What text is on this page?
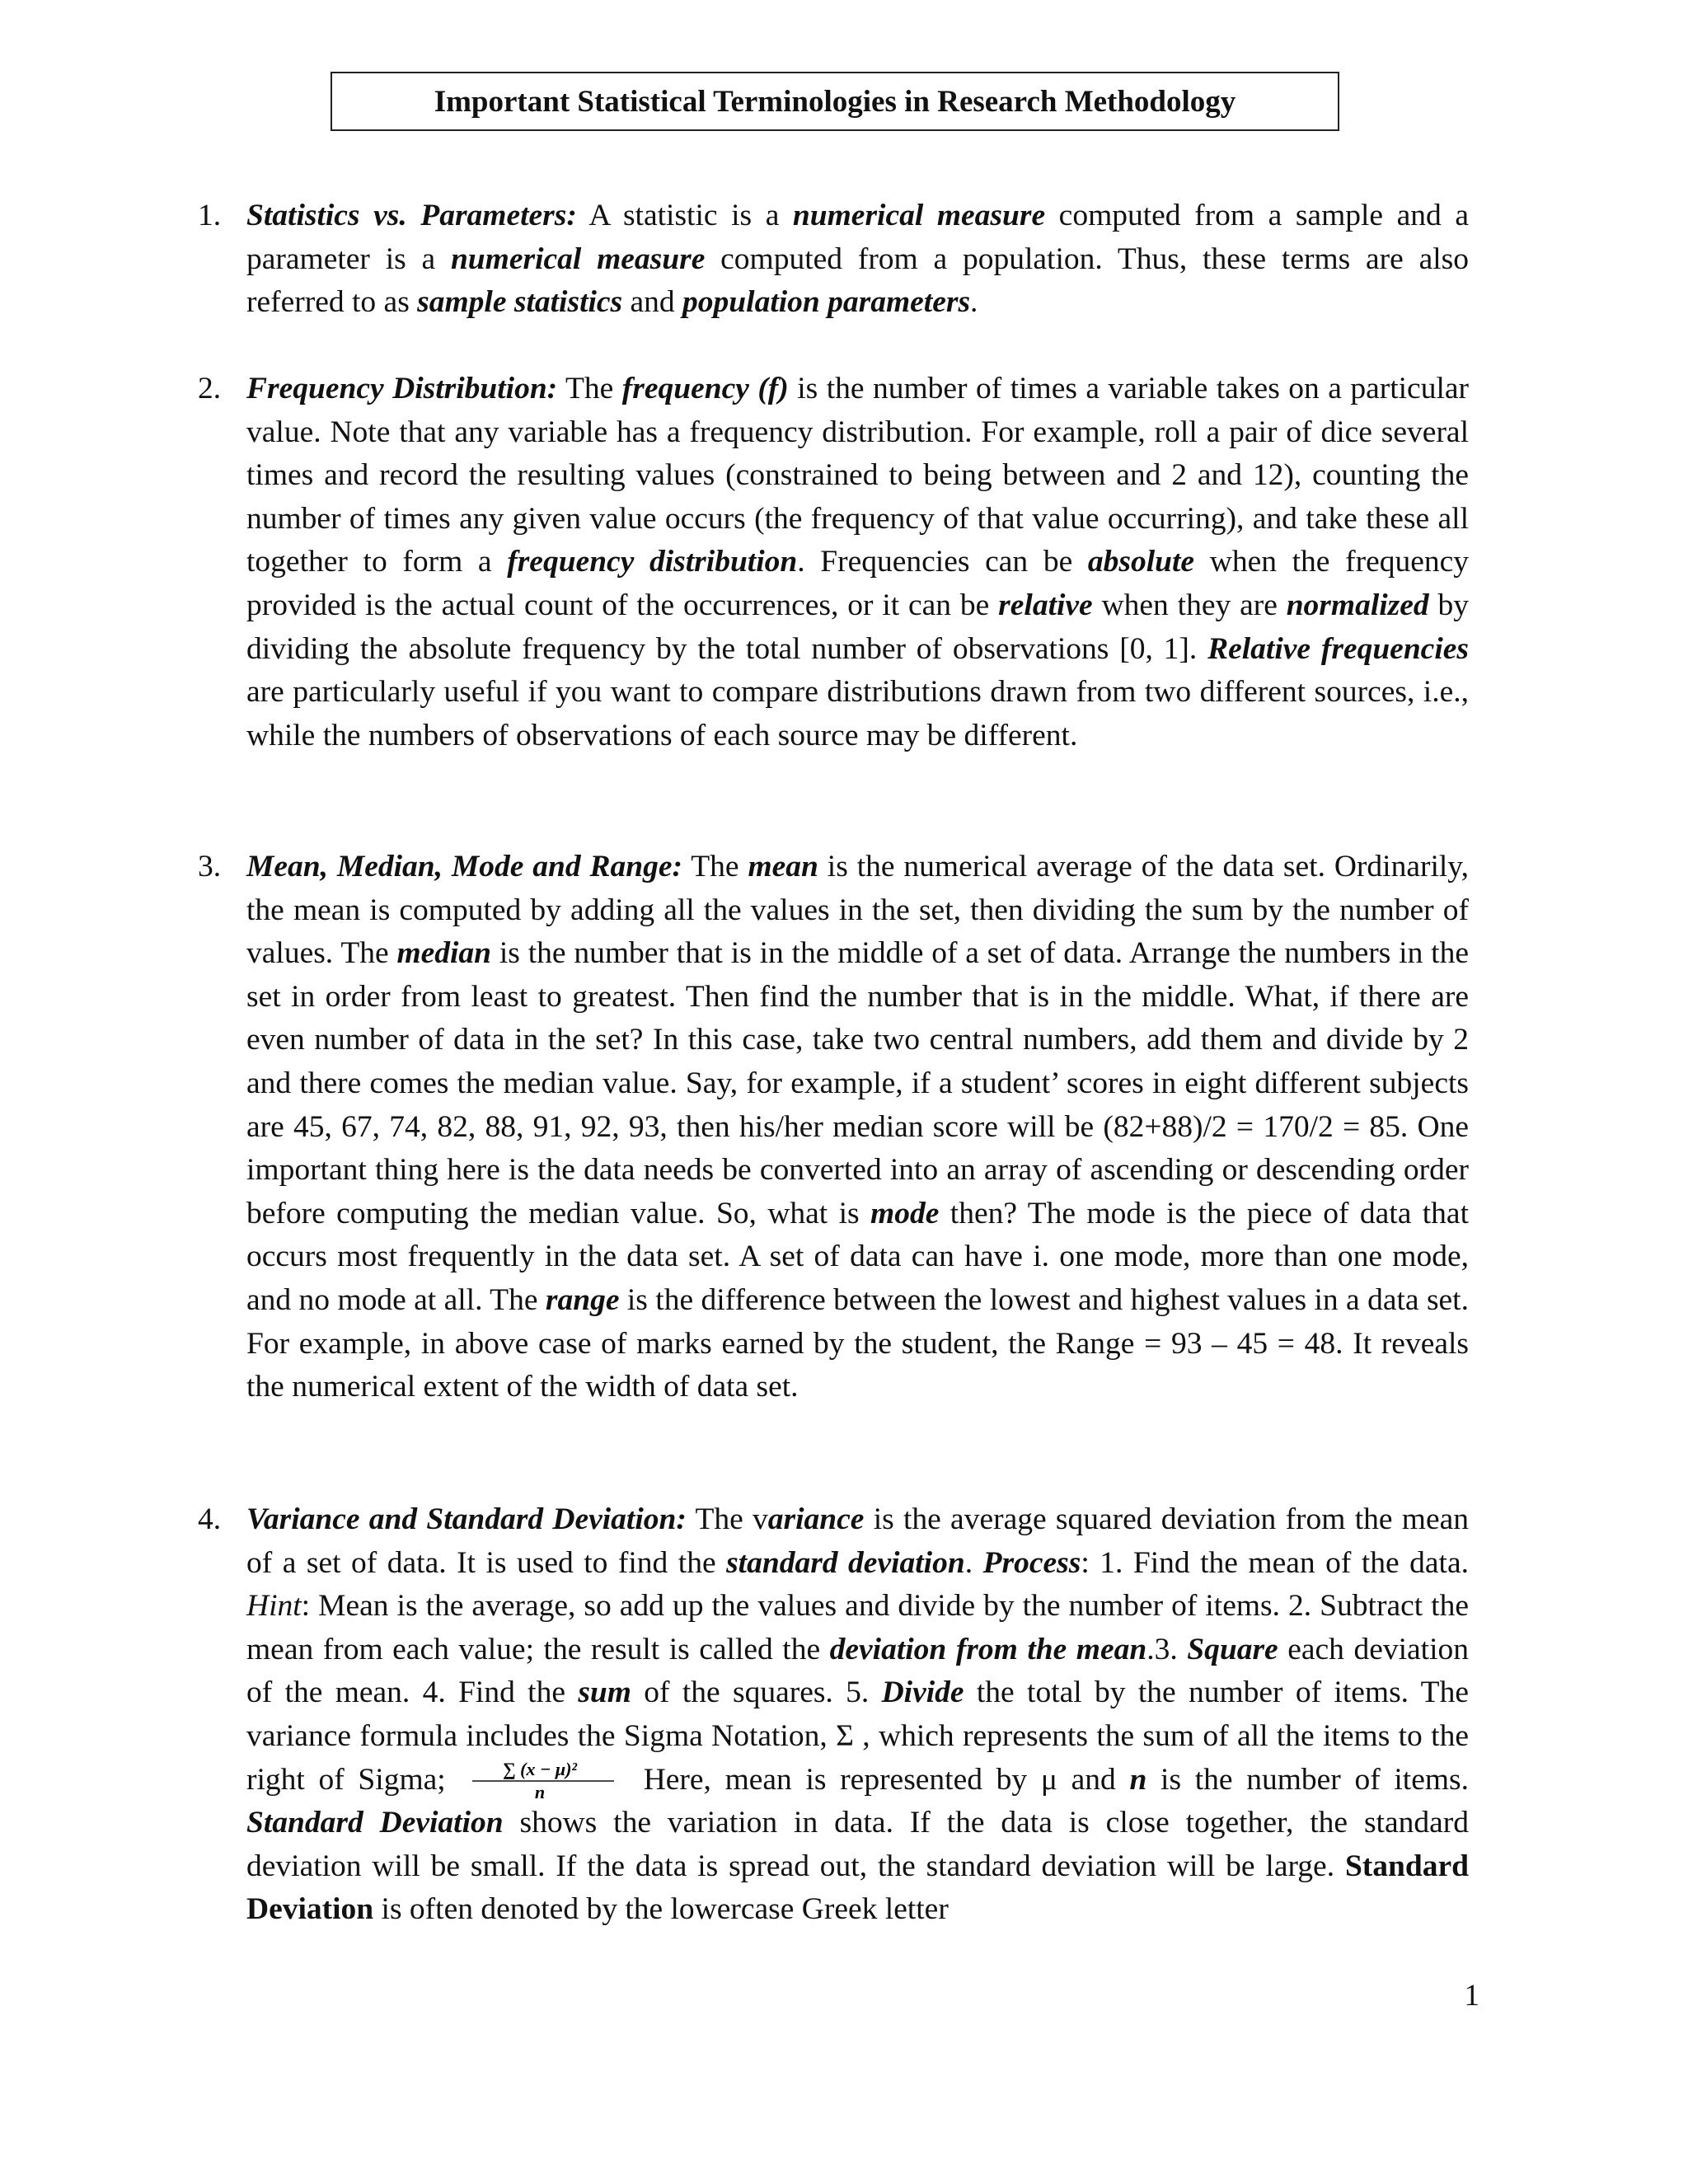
Important Statistical Terminologies in Research Methodology
1. Statistics vs. Parameters: A statistic is a numerical measure computed from a sample and a parameter is a numerical measure computed from a population. Thus, these terms are also referred to as sample statistics and population parameters.
2. Frequency Distribution: The frequency (f) is the number of times a variable takes on a particular value. Note that any variable has a frequency distribution. For example, roll a pair of dice several times and record the resulting values (constrained to being between and 2 and 12), counting the number of times any given value occurs (the frequency of that value occurring), and take these all together to form a frequency distribution. Frequencies can be absolute when the frequency provided is the actual count of the occurrences, or it can be relative when they are normalized by dividing the absolute frequency by the total number of observations [0, 1]. Relative frequencies are particularly useful if you want to compare distributions drawn from two different sources, i.e., while the numbers of observations of each source may be different.
3. Mean, Median, Mode and Range: The mean is the numerical average of the data set. Ordinarily, the mean is computed by adding all the values in the set, then dividing the sum by the number of values. The median is the number that is in the middle of a set of data. Arrange the numbers in the set in order from least to greatest. Then find the number that is in the middle. What, if there are even number of data in the set? In this case, take two central numbers, add them and divide by 2 and there comes the median value. Say, for example, if a student’ scores in eight different subjects are 45, 67, 74, 82, 88, 91, 92, 93, then his/her median score will be (82+88)/2 = 170/2 = 85. One important thing here is the data needs be converted into an array of ascending or descending order before computing the median value. So, what is mode then? The mode is the piece of data that occurs most frequently in the data set. A set of data can have i. one mode, more than one mode, and no mode at all. The range is the difference between the lowest and highest values in a data set. For example, in above case of marks earned by the student, the Range = 93 – 45 = 48. It reveals the numerical extent of the width of data set.
4. Variance and Standard Deviation: The variance is the average squared deviation from the mean of a set of data. It is used to find the standard deviation. Process: 1. Find the mean of the data. Hint: Mean is the average, so add up the values and divide by the number of items. 2. Subtract the mean from each value; the result is called the deviation from the mean.3. Square each deviation of the mean. 4. Find the sum of the squares. 5. Divide the total by the number of items. The variance formula includes the Sigma Notation, Σ , which represents the sum of all the items to the right of Sigma;	∑ (x − μ)²
n	Here, mean is represented by μ and n is the number of items. Standard Deviation shows the variation in data. If the data is close together, the standard deviation will be small. If the data is spread out, the standard deviation will be large. Standard Deviation is often denoted by the lowercase Greek letter
1
